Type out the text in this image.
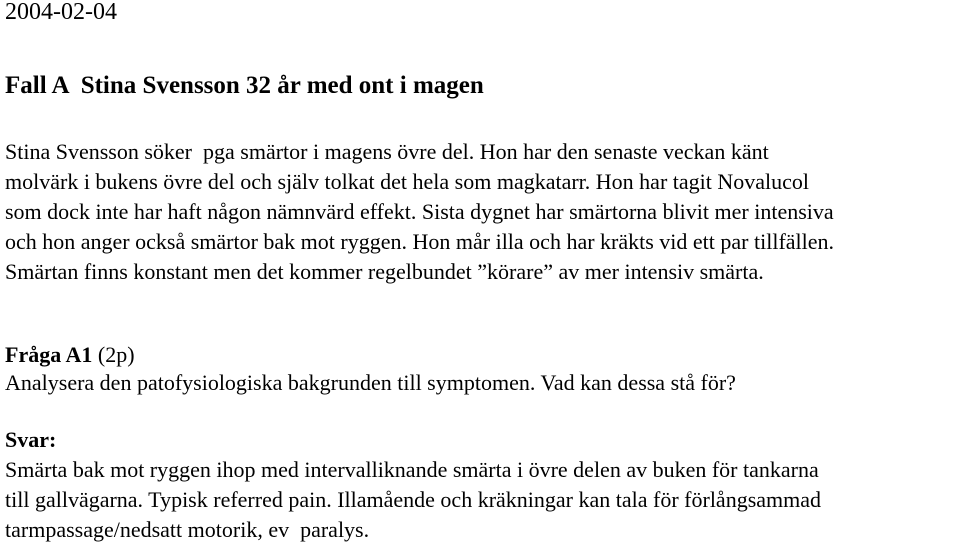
2004-02-04

Fall A  Stina Svensson 32 år med ont i magen
Stina Svensson söker  pga smärtor i magens övre del. Hon har den senaste veckan känt
molvärk i bukens övre del och själv tolkat det hela som magkatarr. Hon har tagit Novalucol
som dock inte har haft någon nämnvärd effekt. Sista dygnet har smärtorna blivit mer intensiva
och hon anger också smärtor bak mot ryggen. Hon mår illa och har kräkts vid ett par tillfällen.
Smärtan finns konstant men det kommer regelbundet ”körare” av mer intensiv smärta.
Fråga A1 (2p)
Analysera den patofysiologiska bakgrunden till symptomen. Vad kan dessa stå för?
Svar:
Smärta bak mot ryggen ihop med intervalliknande smärta i övre delen av buken för tankarna
till gallvägarna. Typisk referred pain. Illamående och kräkningar kan tala för förlångsammad
tarmpassage/nedsatt motorik, ev  paralys.
